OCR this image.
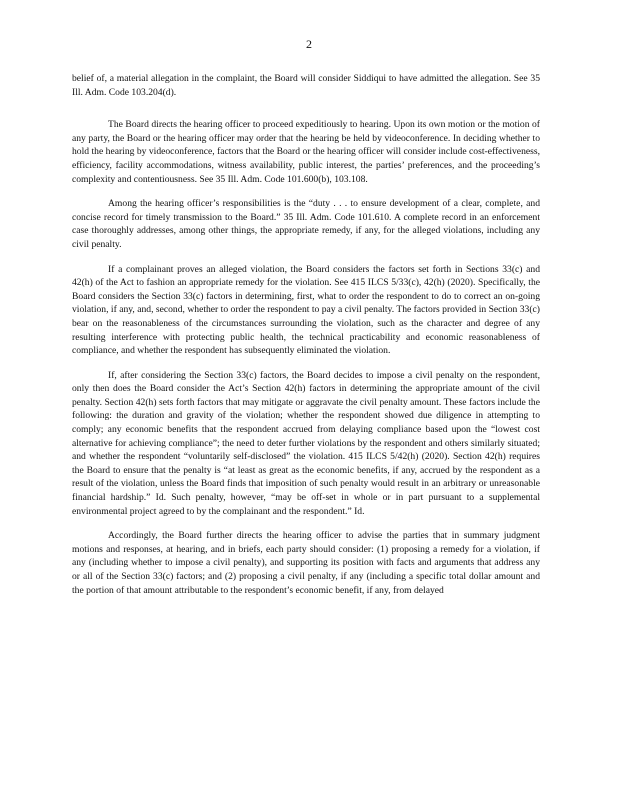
2

belief of, a material allegation in the complaint, the Board will consider Siddiqui to have admitted the allegation. See 35 Ill. Adm. Code 103.204(d).

The Board directs the hearing officer to proceed expeditiously to hearing. Upon its own motion or the motion of any party, the Board or the hearing officer may order that the hearing be held by videoconference. In deciding whether to hold the hearing by videoconference, factors that the Board or the hearing officer will consider include cost-effectiveness, efficiency, facility accommodations, witness availability, public interest, the parties’ preferences, and the proceeding’s complexity and contentiousness. See 35 Ill. Adm. Code 101.600(b), 103.108.

Among the hearing officer’s responsibilities is the “duty . . . to ensure development of a clear, complete, and concise record for timely transmission to the Board.” 35 Ill. Adm. Code 101.610. A complete record in an enforcement case thoroughly addresses, among other things, the appropriate remedy, if any, for the alleged violations, including any civil penalty.

If a complainant proves an alleged violation, the Board considers the factors set forth in Sections 33(c) and 42(h) of the Act to fashion an appropriate remedy for the violation. See 415 ILCS 5/33(c), 42(h) (2020). Specifically, the Board considers the Section 33(c) factors in determining, first, what to order the respondent to do to correct an on-going violation, if any, and, second, whether to order the respondent to pay a civil penalty. The factors provided in Section 33(c) bear on the reasonableness of the circumstances surrounding the violation, such as the character and degree of any resulting interference with protecting public health, the technical practicability and economic reasonableness of compliance, and whether the respondent has subsequently eliminated the violation.

If, after considering the Section 33(c) factors, the Board decides to impose a civil penalty on the respondent, only then does the Board consider the Act’s Section 42(h) factors in determining the appropriate amount of the civil penalty. Section 42(h) sets forth factors that may mitigate or aggravate the civil penalty amount. These factors include the following: the duration and gravity of the violation; whether the respondent showed due diligence in attempting to comply; any economic benefits that the respondent accrued from delaying compliance based upon the “lowest cost alternative for achieving compliance”; the need to deter further violations by the respondent and others similarly situated; and whether the respondent “voluntarily self-disclosed” the violation. 415 ILCS 5/42(h) (2020). Section 42(h) requires the Board to ensure that the penalty is “at least as great as the economic benefits, if any, accrued by the respondent as a result of the violation, unless the Board finds that imposition of such penalty would result in an arbitrary or unreasonable financial hardship.” Id. Such penalty, however, “may be off-set in whole or in part pursuant to a supplemental environmental project agreed to by the complainant and the respondent.” Id.

Accordingly, the Board further directs the hearing officer to advise the parties that in summary judgment motions and responses, at hearing, and in briefs, each party should consider: (1) proposing a remedy for a violation, if any (including whether to impose a civil penalty), and supporting its position with facts and arguments that address any or all of the Section 33(c) factors; and (2) proposing a civil penalty, if any (including a specific total dollar amount and the portion of that amount attributable to the respondent’s economic benefit, if any, from delayed
